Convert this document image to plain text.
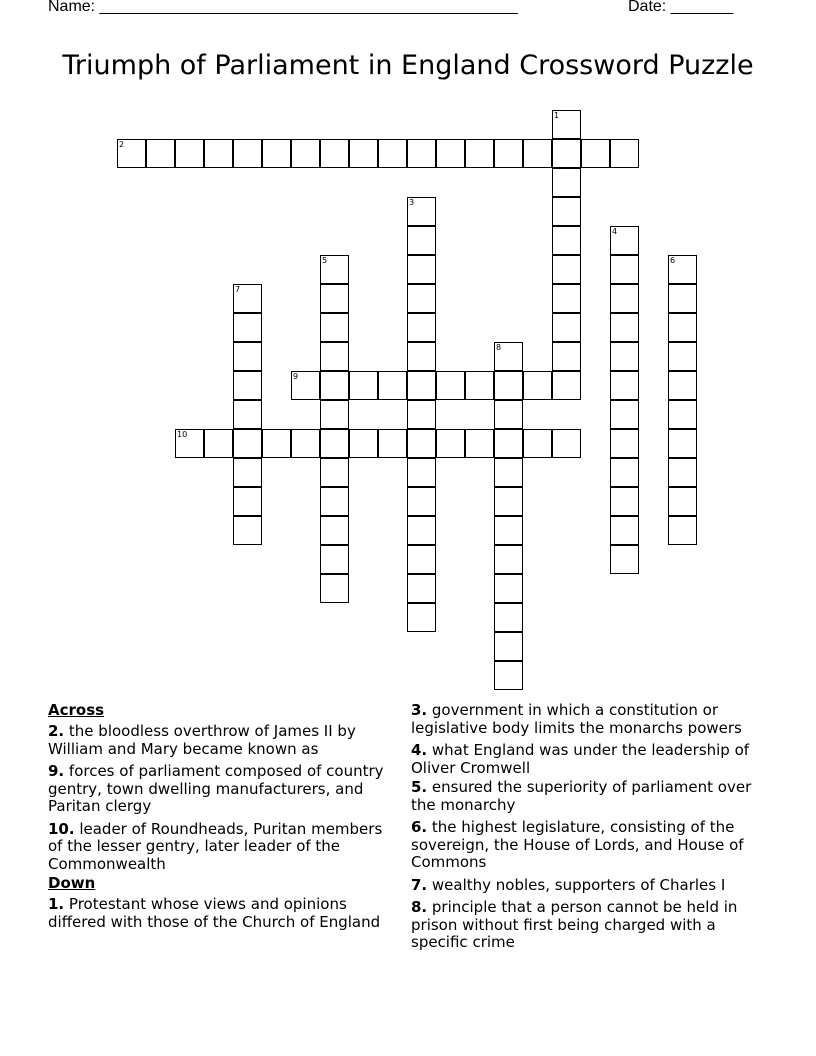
Name: _______________________________________________	Date: _______
Triumph of Parliament in England Crossword Puzzle
2
9
10
1
3
4
5	6
7
8
Across
2. the bloodless overthrow of James II by William and Mary became known as
9. forces of parliament composed of country gentry, town dwelling manufacturers, and Paritan clergy
10. leader of Roundheads, Puritan members of the lesser gentry, later leader of the Commonwealth
Down
1. Protestant whose views and opinions differed with those of the Church of England
3. government in which a constitution or legislative body limits the monarchs powers
4. what England was under the leadership of Oliver Cromwell
5. ensured the superiority of parliament over the monarchy
6. the highest legislature, consisting of the sovereign, the House of Lords, and House of Commons
7. wealthy nobles, supporters of Charles I
8. principle that a person cannot be held in prison without first being charged with a specific crime
